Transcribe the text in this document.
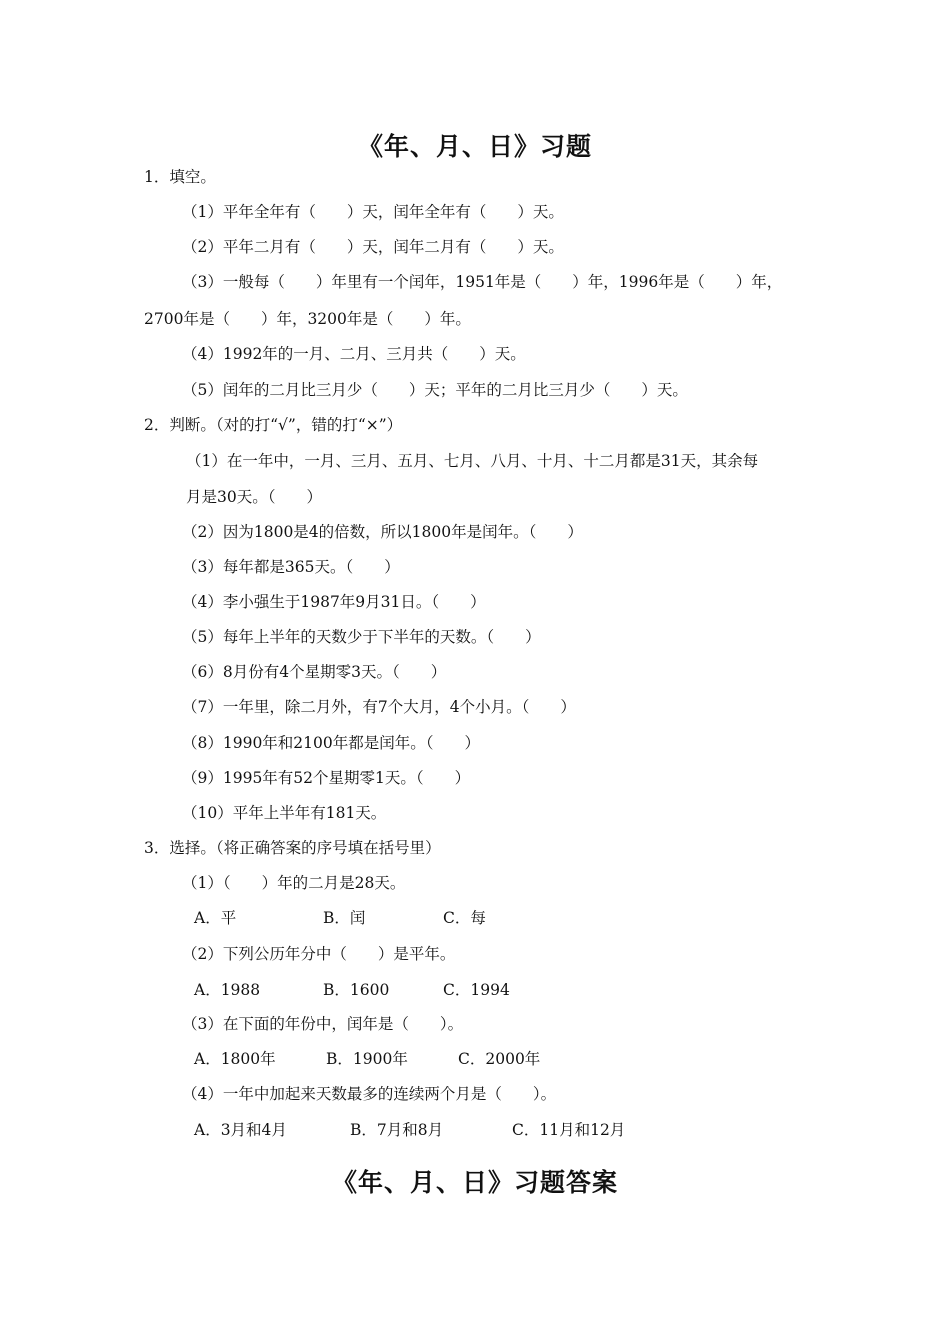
《年、月、日》习题
1．填空。
（1）平年全年有（　　）天，闰年全年有（　　）天。
（2）平年二月有（　　）天，闰年二月有（　　）天。
（3）一般每（　　）年里有一个闰年，1951年是（　　）年，1996年是（　　）年，
2700年是（　　）年，3200年是（　　）年。
（4）1992年的一月、二月、三月共（　　）天。
（5）闰年的二月比三月少（　　）天；平年的二月比三月少（　　）天。
2．判断。（对的打“√”，错的打“×”）
（1）在一年中，一月、三月、五月、七月、八月、十月、十二月都是31天，其余每
月是30天。（　　）
（2）因为1800是4的倍数，所以1800年是闰年。（　　）
（3）每年都是365天。（　　）
（4）李小强生于1987年9月31日。（　　）
（5）每年上半年的天数少于下半年的天数。（　　）
（6）8月份有4个星期零3天。（　　）
（7）一年里，除二月外，有7个大月，4个小月。（　　）
（8）1990年和2100年都是闰年。（　　）
（9）1995年有52个星期零1天。（　　）
（10）平年上半年有181天。
3．选择。（将正确答案的序号填在括号里）
（1）（　　）年的二月是28天。
A．平	B．闰	C．每
（2）下列公历年分中（　　）是平年。
A．1988	B．1600	C．1994
（3）在下面的年份中，闰年是（　　）。
A．1800年	B．1900年	C．2000年
（4）一年中加起来天数最多的连续两个月是（　　）。
A．3月和4月	B．7月和8月	C．11月和12月
《年、月、日》习题答案
